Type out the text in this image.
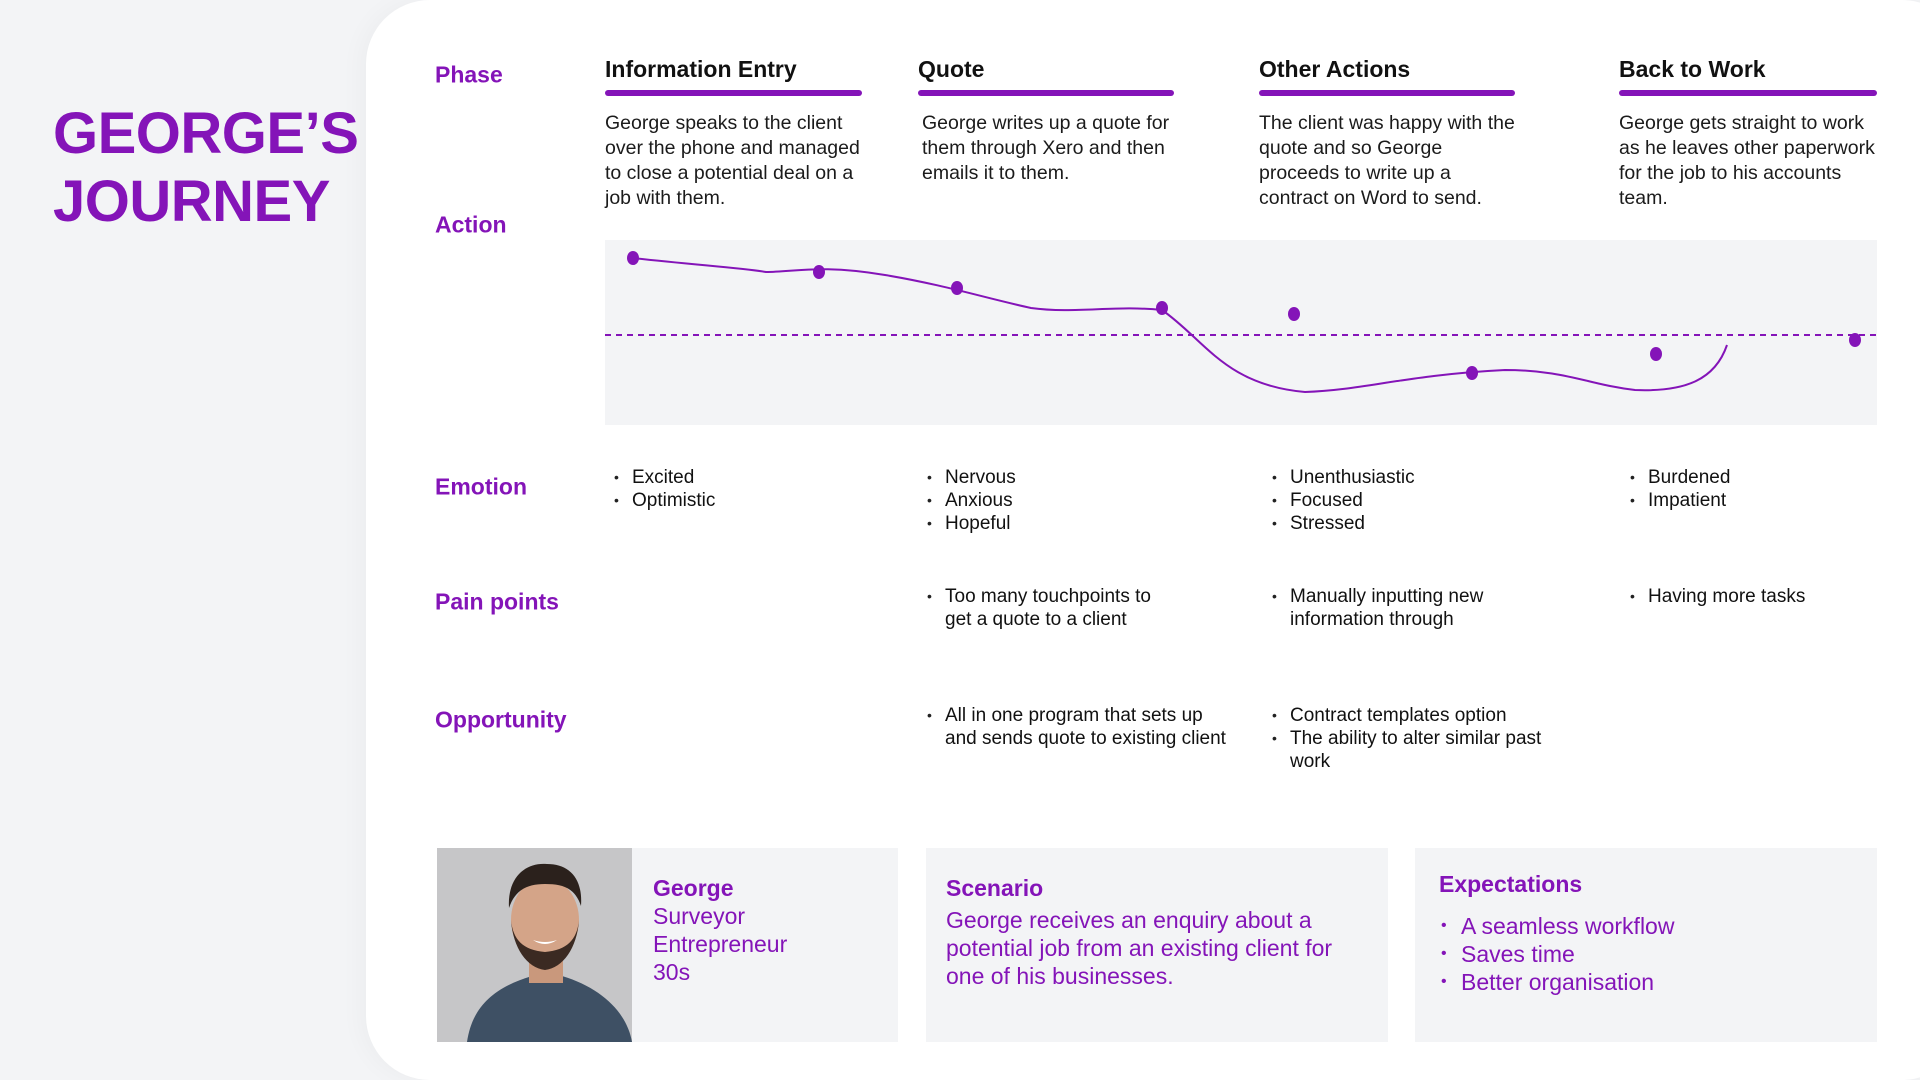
GEORGE’S
JOURNEY
Phase
Action
Emotion
Pain points
Opportunity
Information Entry
George speaks to the client over the phone and managed to close a potential deal on a job with them.
Quote
George writes up a quote for them through Xero and then emails it to them.
Other Actions
The client was happy with the quote and so George proceeds to write up a contract on Word to send.
Back to Work
George gets straight to work as he leaves other paperwork for the job to his accounts team.
• Excited
• Optimistic
• Nervous
• Anxious
• Hopeful
• Unenthusiastic
• Focused
• Stressed
• Burdened
• Impatient
• Too many touchpoints to get a quote to a client
• Manually inputting new information through
• Having more tasks
• All in one program that sets up and sends quote to existing client
• Contract templates option
• The ability to alter similar past work
George
Surveyor
Entrepreneur
30s
Scenario
George receives an enquiry about a potential job from an existing client for one of his businesses.
Expectations
• A seamless workflow
• Saves time
• Better organisation
